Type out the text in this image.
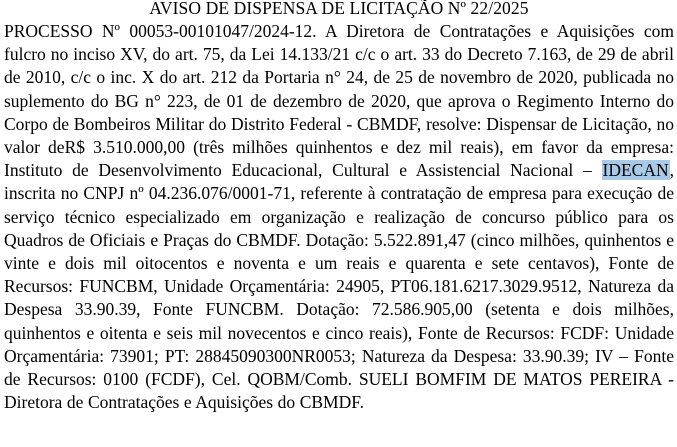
AVISO DE DISPENSA DE LICITAÇÃO Nº 22/2025

PROCESSO Nº 00053-00101047/2024-12. A Diretora de Contratações e Aquisições com fulcro no inciso XV, do art. 75, da Lei 14.133/21 c/c o art. 33 do Decreto 7.163, de 29 de abril de 2010, c/c o inc. X do art. 212 da Portaria n° 24, de 25 de novembro de 2020, publicada no suplemento do BG n° 223, de 01 de dezembro de 2020, que aprova o Regimento Interno do Corpo de Bombeiros Militar do Distrito Federal - CBMDF, resolve: Dispensar de Licitação, no valor deR$ 3.510.000,00 (três milhões quinhentos e dez mil reais), em favor da empresa: Instituto de Desenvolvimento Educacional, Cultural e Assistencial Nacional – IDECAN, inscrita no CNPJ nº 04.236.076/0001-71, referente à contratação de empresa para execução de serviço técnico especializado em organização e realização de concurso público para os Quadros de Oficiais e Praças do CBMDF. Dotação: 5.522.891,47 (cinco milhões, quinhentos e vinte e dois mil oitocentos e noventa e um reais e quarenta e sete centavos), Fonte de Recursos: FUNCBM, Unidade Orçamentária: 24905, PT06.181.6217.3029.9512, Natureza da Despesa 33.90.39, Fonte FUNCBM. Dotação: 72.586.905,00 (setenta e dois milhões, quinhentos e oitenta e seis mil novecentos e cinco reais), Fonte de Recursos: FCDF: Unidade Orçamentária: 73901; PT: 28845090300NR0053; Natureza da Despesa: 33.90.39; IV – Fonte de Recursos: 0100 (FCDF), Cel. QOBM/Comb. SUELI BOMFIM DE MATOS PEREIRA - Diretora de Contratações e Aquisições do CBMDF.
